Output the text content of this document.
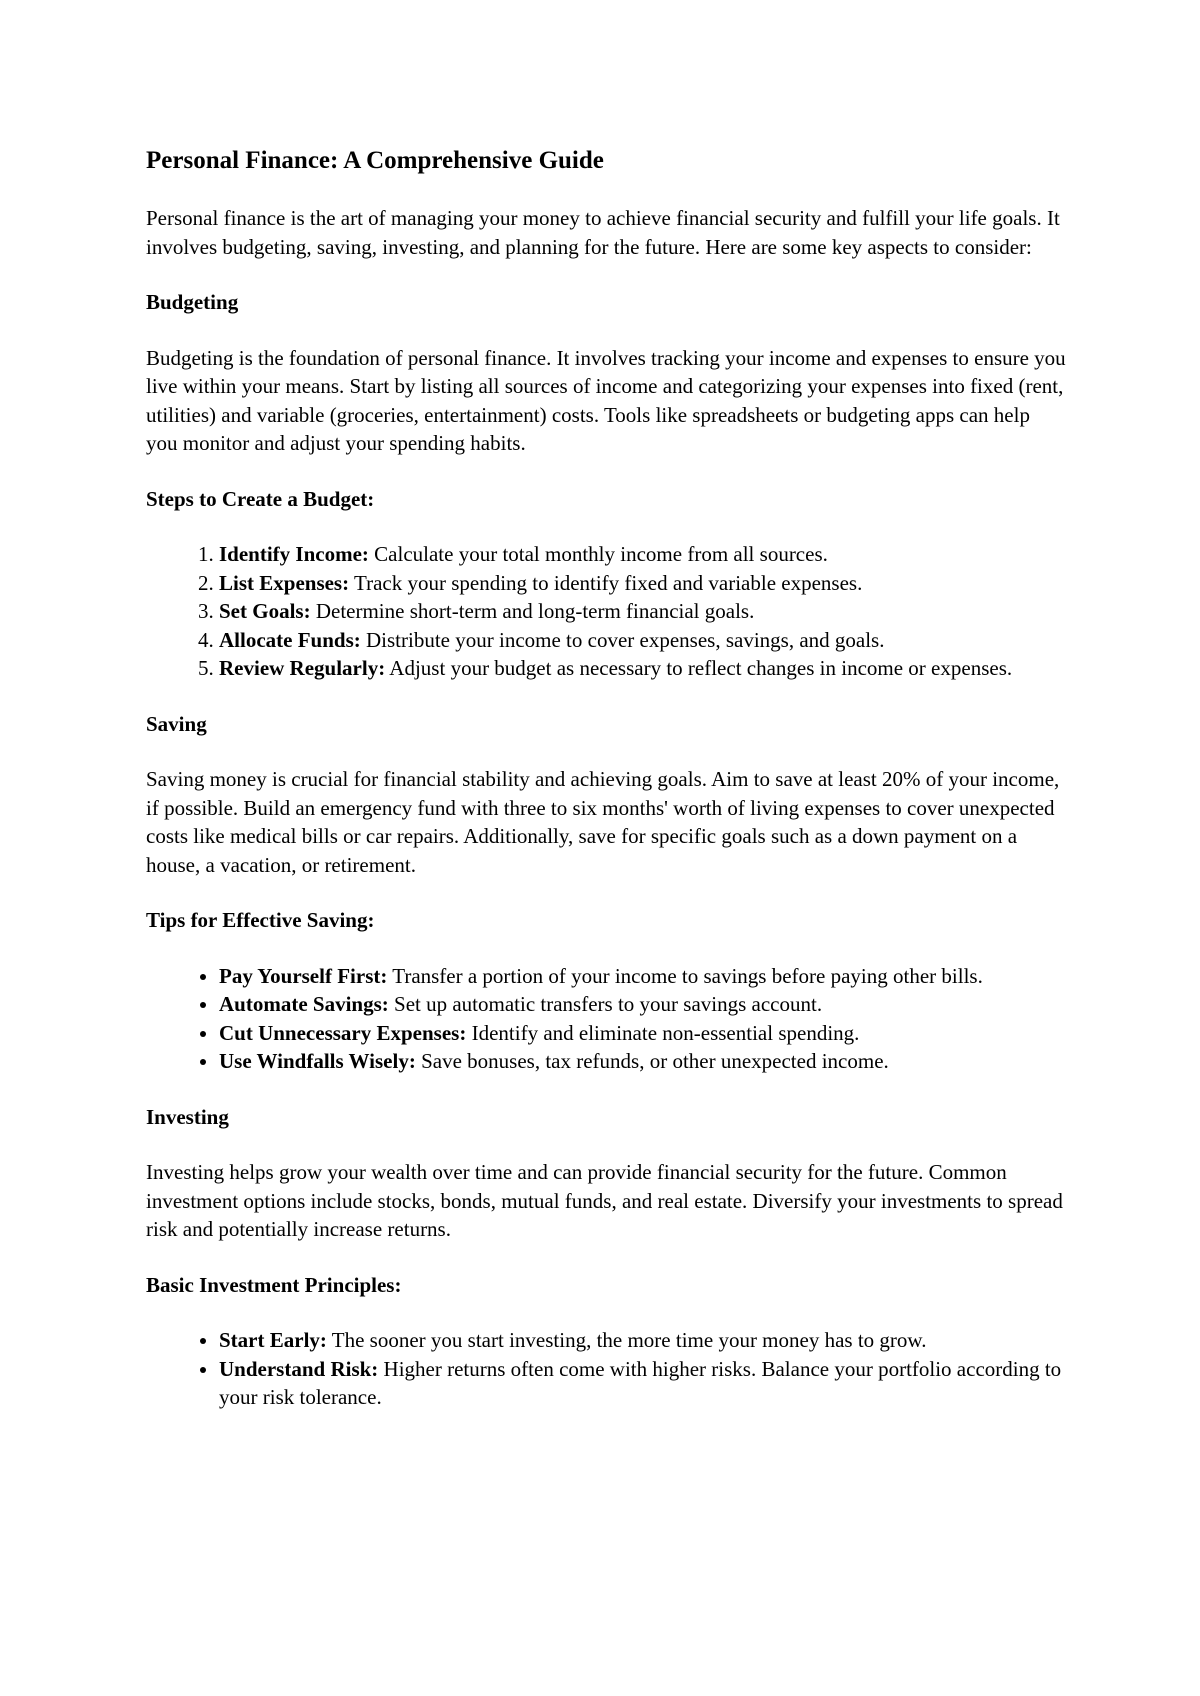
Personal Finance: A Comprehensive Guide

Personal finance is the art of managing your money to achieve financial security and fulfill your life goals. It involves budgeting, saving, investing, and planning for the future. Here are some key aspects to consider:

Budgeting

Budgeting is the foundation of personal finance. It involves tracking your income and expenses to ensure you live within your means. Start by listing all sources of income and categorizing your expenses into fixed (rent, utilities) and variable (groceries, entertainment) costs. Tools like spreadsheets or budgeting apps can help you monitor and adjust your spending habits.

Steps to Create a Budget:
1. Identify Income: Calculate your total monthly income from all sources.
2. List Expenses: Track your spending to identify fixed and variable expenses.
3. Set Goals: Determine short-term and long-term financial goals.
4. Allocate Funds: Distribute your income to cover expenses, savings, and goals.
5. Review Regularly: Adjust your budget as necessary to reflect changes in income or expenses.
Saving

Saving money is crucial for financial stability and achieving goals. Aim to save at least 20% of your income, if possible. Build an emergency fund with three to six months' worth of living expenses to cover unexpected costs like medical bills or car repairs. Additionally, save for specific goals such as a down payment on a house, a vacation, or retirement.

Tips for Effective Saving:
• Pay Yourself First: Transfer a portion of your income to savings before paying other bills.
• Automate Savings: Set up automatic transfers to your savings account.
• Cut Unnecessary Expenses: Identify and eliminate non-essential spending.
• Use Windfalls Wisely: Save bonuses, tax refunds, or other unexpected income.
Investing

Investing helps grow your wealth over time and can provide financial security for the future. Common investment options include stocks, bonds, mutual funds, and real estate. Diversify your investments to spread risk and potentially increase returns.

Basic Investment Principles:
• Start Early: The sooner you start investing, the more time your money has to grow.
• Understand Risk: Higher returns often come with higher risks. Balance your portfolio according to your risk tolerance.
